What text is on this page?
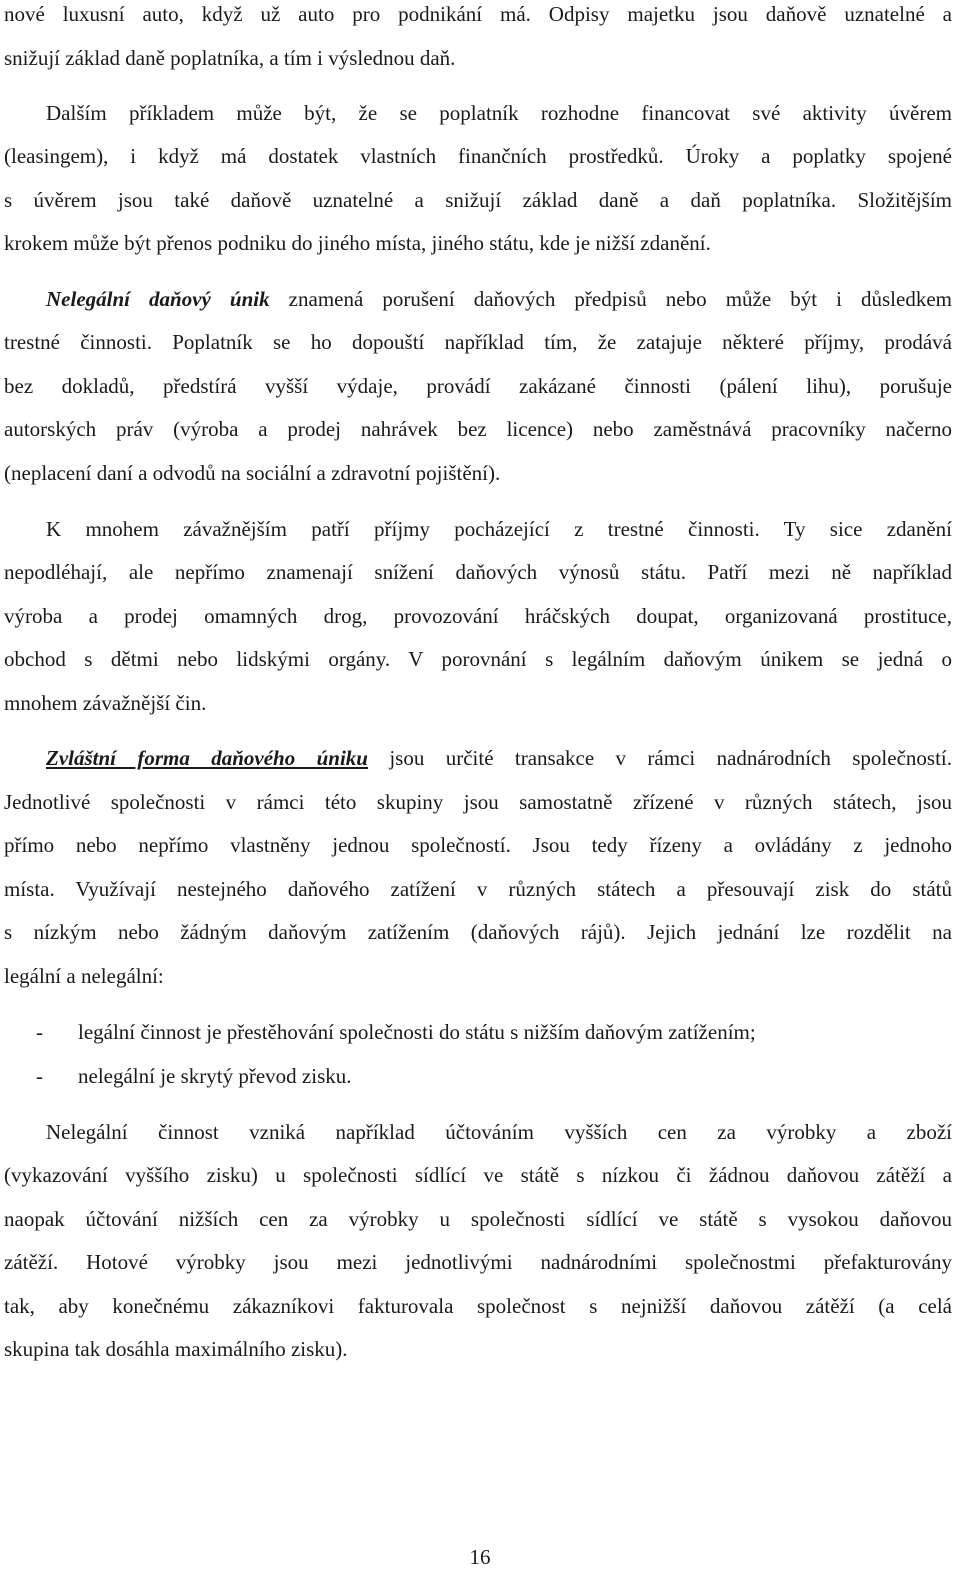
nové luxusní auto, když už auto pro podnikání má. Odpisy majetku jsou daňově uznatelné a
snižují základ daně poplatníka, a tím i výslednou daň.
Dalším příkladem může být, že se poplatník rozhodne financovat své aktivity úvěrem
(leasingem), i když má dostatek vlastních finančních prostředků. Úroky a poplatky spojené
s úvěrem jsou také daňově uznatelné a snižují základ daně a daň poplatníka. Složitějším
krokem může být přenos podniku do jiného místa, jiného státu, kde je nižší zdanění.
Nelegální daňový únik znamená porušení daňových předpisů nebo může být i důsledkem
trestné činnosti. Poplatník se ho dopouští například tím, že zatajuje některé příjmy, prodává
bez dokladů, předstírá vyšší výdaje, provádí zakázané činnosti (pálení lihu), porušuje
autorských práv (výroba a prodej nahrávek bez licence) nebo zaměstnává pracovníky načerno
(neplacení daní a odvodů na sociální a zdravotní pojištění).
K mnohem závažnějším patří příjmy pocházející z trestné činnosti. Ty sice zdanění
nepodléhají, ale nepřímo znamenají snížení daňových výnosů státu. Patří mezi ně například
výroba a prodej omamných drog, provozování hráčských doupat, organizovaná prostituce,
obchod s dětmi nebo lidskými orgány. V porovnání s legálním daňovým únikem se jedná o
mnohem závažnější čin.
Zvláštní forma daňového úniku jsou určité transakce v rámci nadnárodních společností.
Jednotlivé společnosti v rámci této skupiny jsou samostatně zřízené v různých státech, jsou
přímo nebo nepřímo vlastněny jednou společností. Jsou tedy řízeny a ovládány z jednoho
místa. Využívají nestejného daňového zatížení v různých státech a přesouvají zisk do států
s nízkým nebo žádným daňovým zatížením (daňových rájů). Jejich jednání lze rozdělit na
legální a nelegální:
- legální činnost je přestěhování společnosti do státu s nižším daňovým zatížením;
- nelegální je skrytý převod zisku.
Nelegální činnost vzniká například účtováním vyšších cen za výrobky a zboží
(vykazování vyššího zisku) u společnosti sídlící ve státě s nízkou či žádnou daňovou zátěží a
naopak účtování nižších cen za výrobky u společnosti sídlící ve státě s vysokou daňovou
zátěží. Hotové výrobky jsou mezi jednotlivými nadnárodními společnostmi přefakturovány
tak, aby konečnému zákazníkovi fakturovala společnost s nejnižší daňovou zátěží (a celá
skupina tak dosáhla maximálního zisku).
16
